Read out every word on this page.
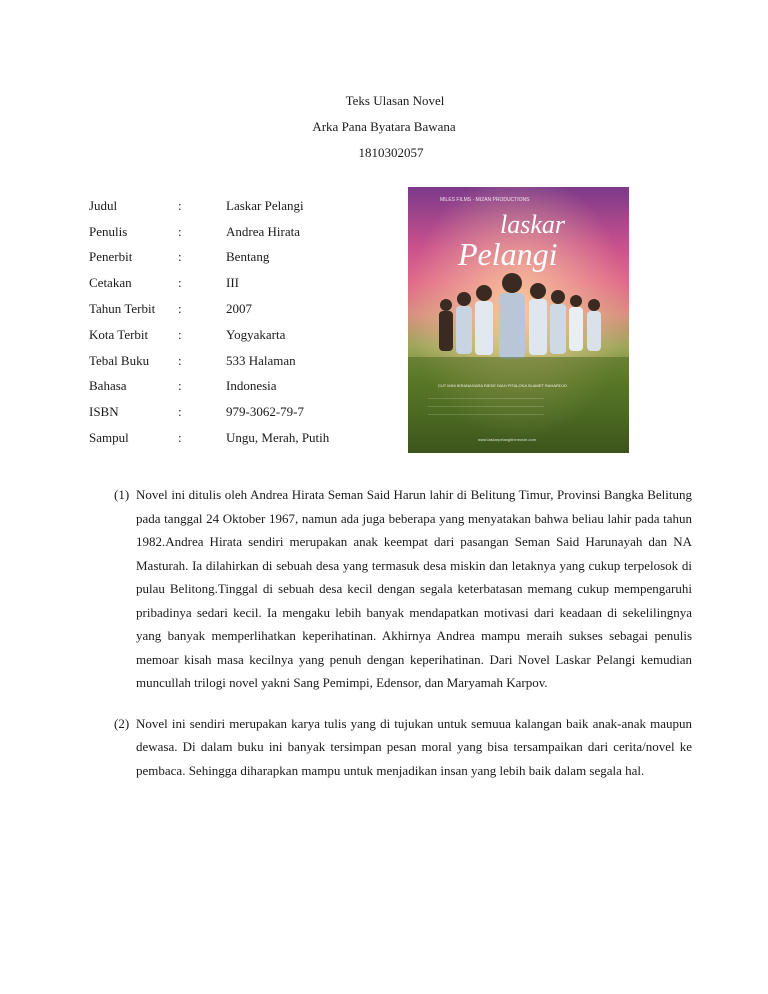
Teks Ulasan Novel
Arka Pana Byatara Bawana
1810302057
Judul	:	Laskar Pelangi
Penulis	:	Andrea Hirata
Penerbit	:	Bentang
Cetakan	:	III
Tahun Terbit	:	2007
Kota Terbit	:	Yogyakarta
Tebal Buku	:	533 Halaman
Bahasa	:	Indonesia
ISBN	:	979-3062-79-7
Sampul	:	Ungu, Merah, Putih
MILES FILMS · MIZAN PRODUCTIONS
laskar
Pelangi
CUT MINI IKRANAGARA RIEKE DIAH PITALOKA SLAMET RAHARDJO
—————————————————————————————
—————————————————————————————
—————————————————————————————
www.laskarpelangithemovie.com
(1) Novel ini ditulis oleh Andrea Hirata Seman Said Harun lahir di Belitung Timur, Provinsi Bangka Belitung pada tanggal 24 Oktober 1967, namun ada juga beberapa yang menyatakan bahwa beliau lahir pada tahun 1982.Andrea Hirata sendiri merupakan anak keempat dari pasangan Seman Said Harunayah dan NA Masturah. Ia dilahirkan di sebuah desa yang termasuk desa miskin dan letaknya yang cukup terpelosok di pulau Belitong.Tinggal di sebuah desa kecil dengan segala keterbatasan memang cukup mempengaruhi pribadinya sedari kecil. Ia mengaku lebih banyak mendapatkan motivasi dari keadaan di sekelilingnya yang banyak memperlihatkan keperihatinan. Akhirnya Andrea mampu meraih sukses sebagai penulis memoar kisah masa kecilnya yang penuh dengan keperihatinan. Dari Novel Laskar Pelangi kemudian muncullah trilogi novel yakni Sang Pemimpi, Edensor, dan Maryamah Karpov.
(2) Novel ini sendiri merupakan karya tulis yang di tujukan untuk semuua kalangan baik anak-anak maupun dewasa. Di dalam buku ini banyak tersimpan pesan moral yang bisa tersampaikan dari cerita/novel ke pembaca. Sehingga diharapkan mampu untuk menjadikan insan yang lebih baik dalam segala hal.
